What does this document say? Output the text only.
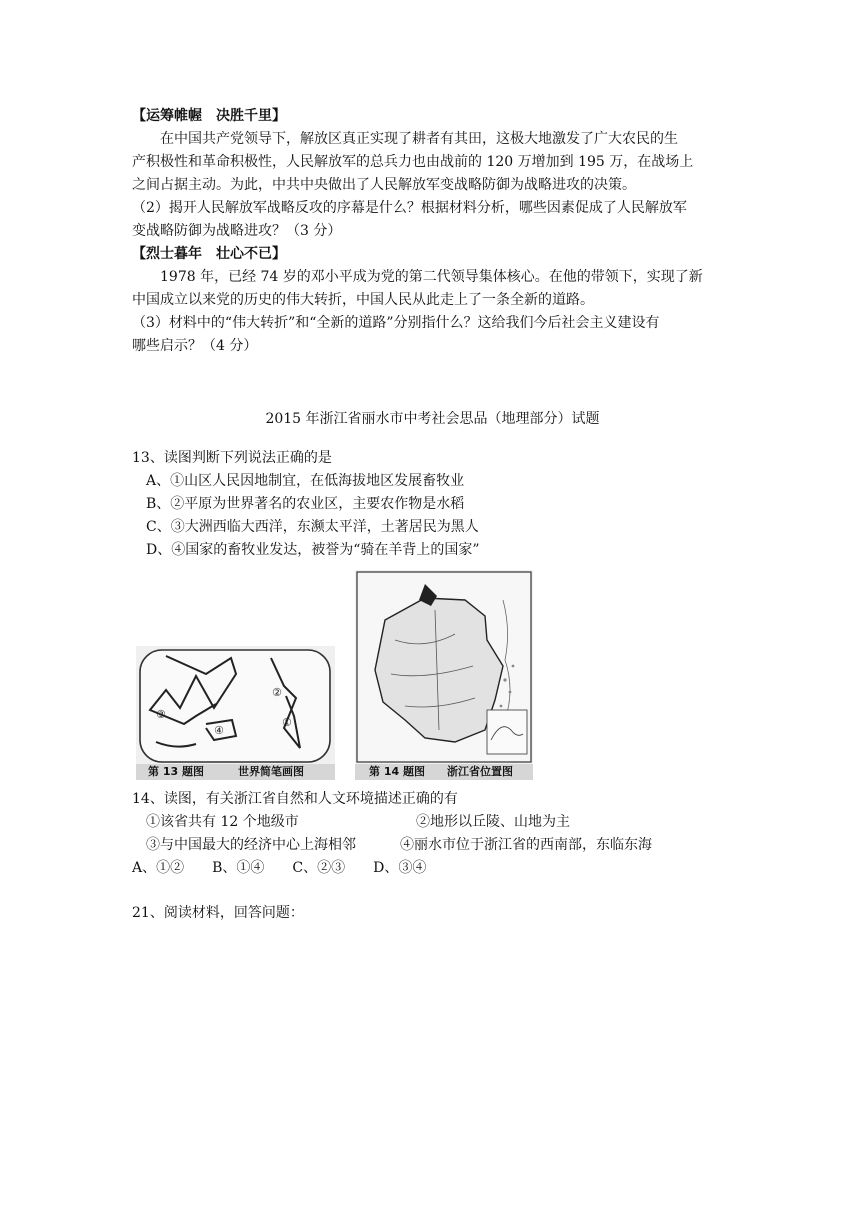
【运筹帷幄　决胜千里】
在中国共产党领导下，解放区真正实现了耕者有其田，这极大地激发了广大农民的生
产积极性和革命积极性，人民解放军的总兵力也由战前的 120 万增加到 195 万，在战场上
之间占据主动。为此，中共中央做出了人民解放军变战略防御为战略进攻的决策。
（2）揭开人民解放军战略反攻的序幕是什么？根据材料分析，哪些因素促成了人民解放军
变战略防御为战略进攻？（3 分）
【烈士暮年　壮心不已】
1978 年，已经 74 岁的邓小平成为党的第二代领导集体核心。在他的带领下，实现了新
中国成立以来党的历史的伟大转折，中国人民从此走上了一条全新的道路。
（3）材料中的“伟大转折”和“全新的道路”分别指什么？这给我们今后社会主义建设有
哪些启示？（4 分）
2015 年浙江省丽水市中考社会思品（地理部分）试题
13、读图判断下列说法正确的是
A、①山区人民因地制宜，在低海拔地区发展畜牧业
B、②平原为世界著名的农业区，主要农作物是水稻
C、③大洲西临大西洋，东濒太平洋，土著居民为黑人
D、④国家的畜牧业发达，被誉为“骑在羊背上的国家”
②
①
③
④
第 13 题图	世界简笔画图	第 14 题图 浙江省位置图
14、读图，有关浙江省自然和人文环境描述正确的有
①该省共有 12 个地级市	②地形以丘陵、山地为主
③与中国最大的经济中心上海相邻	④丽水市位于浙江省的西南部，东临东海
A、①②　　B、①④　　C、②③　　D、③④
21、阅读材料，回答问题：
